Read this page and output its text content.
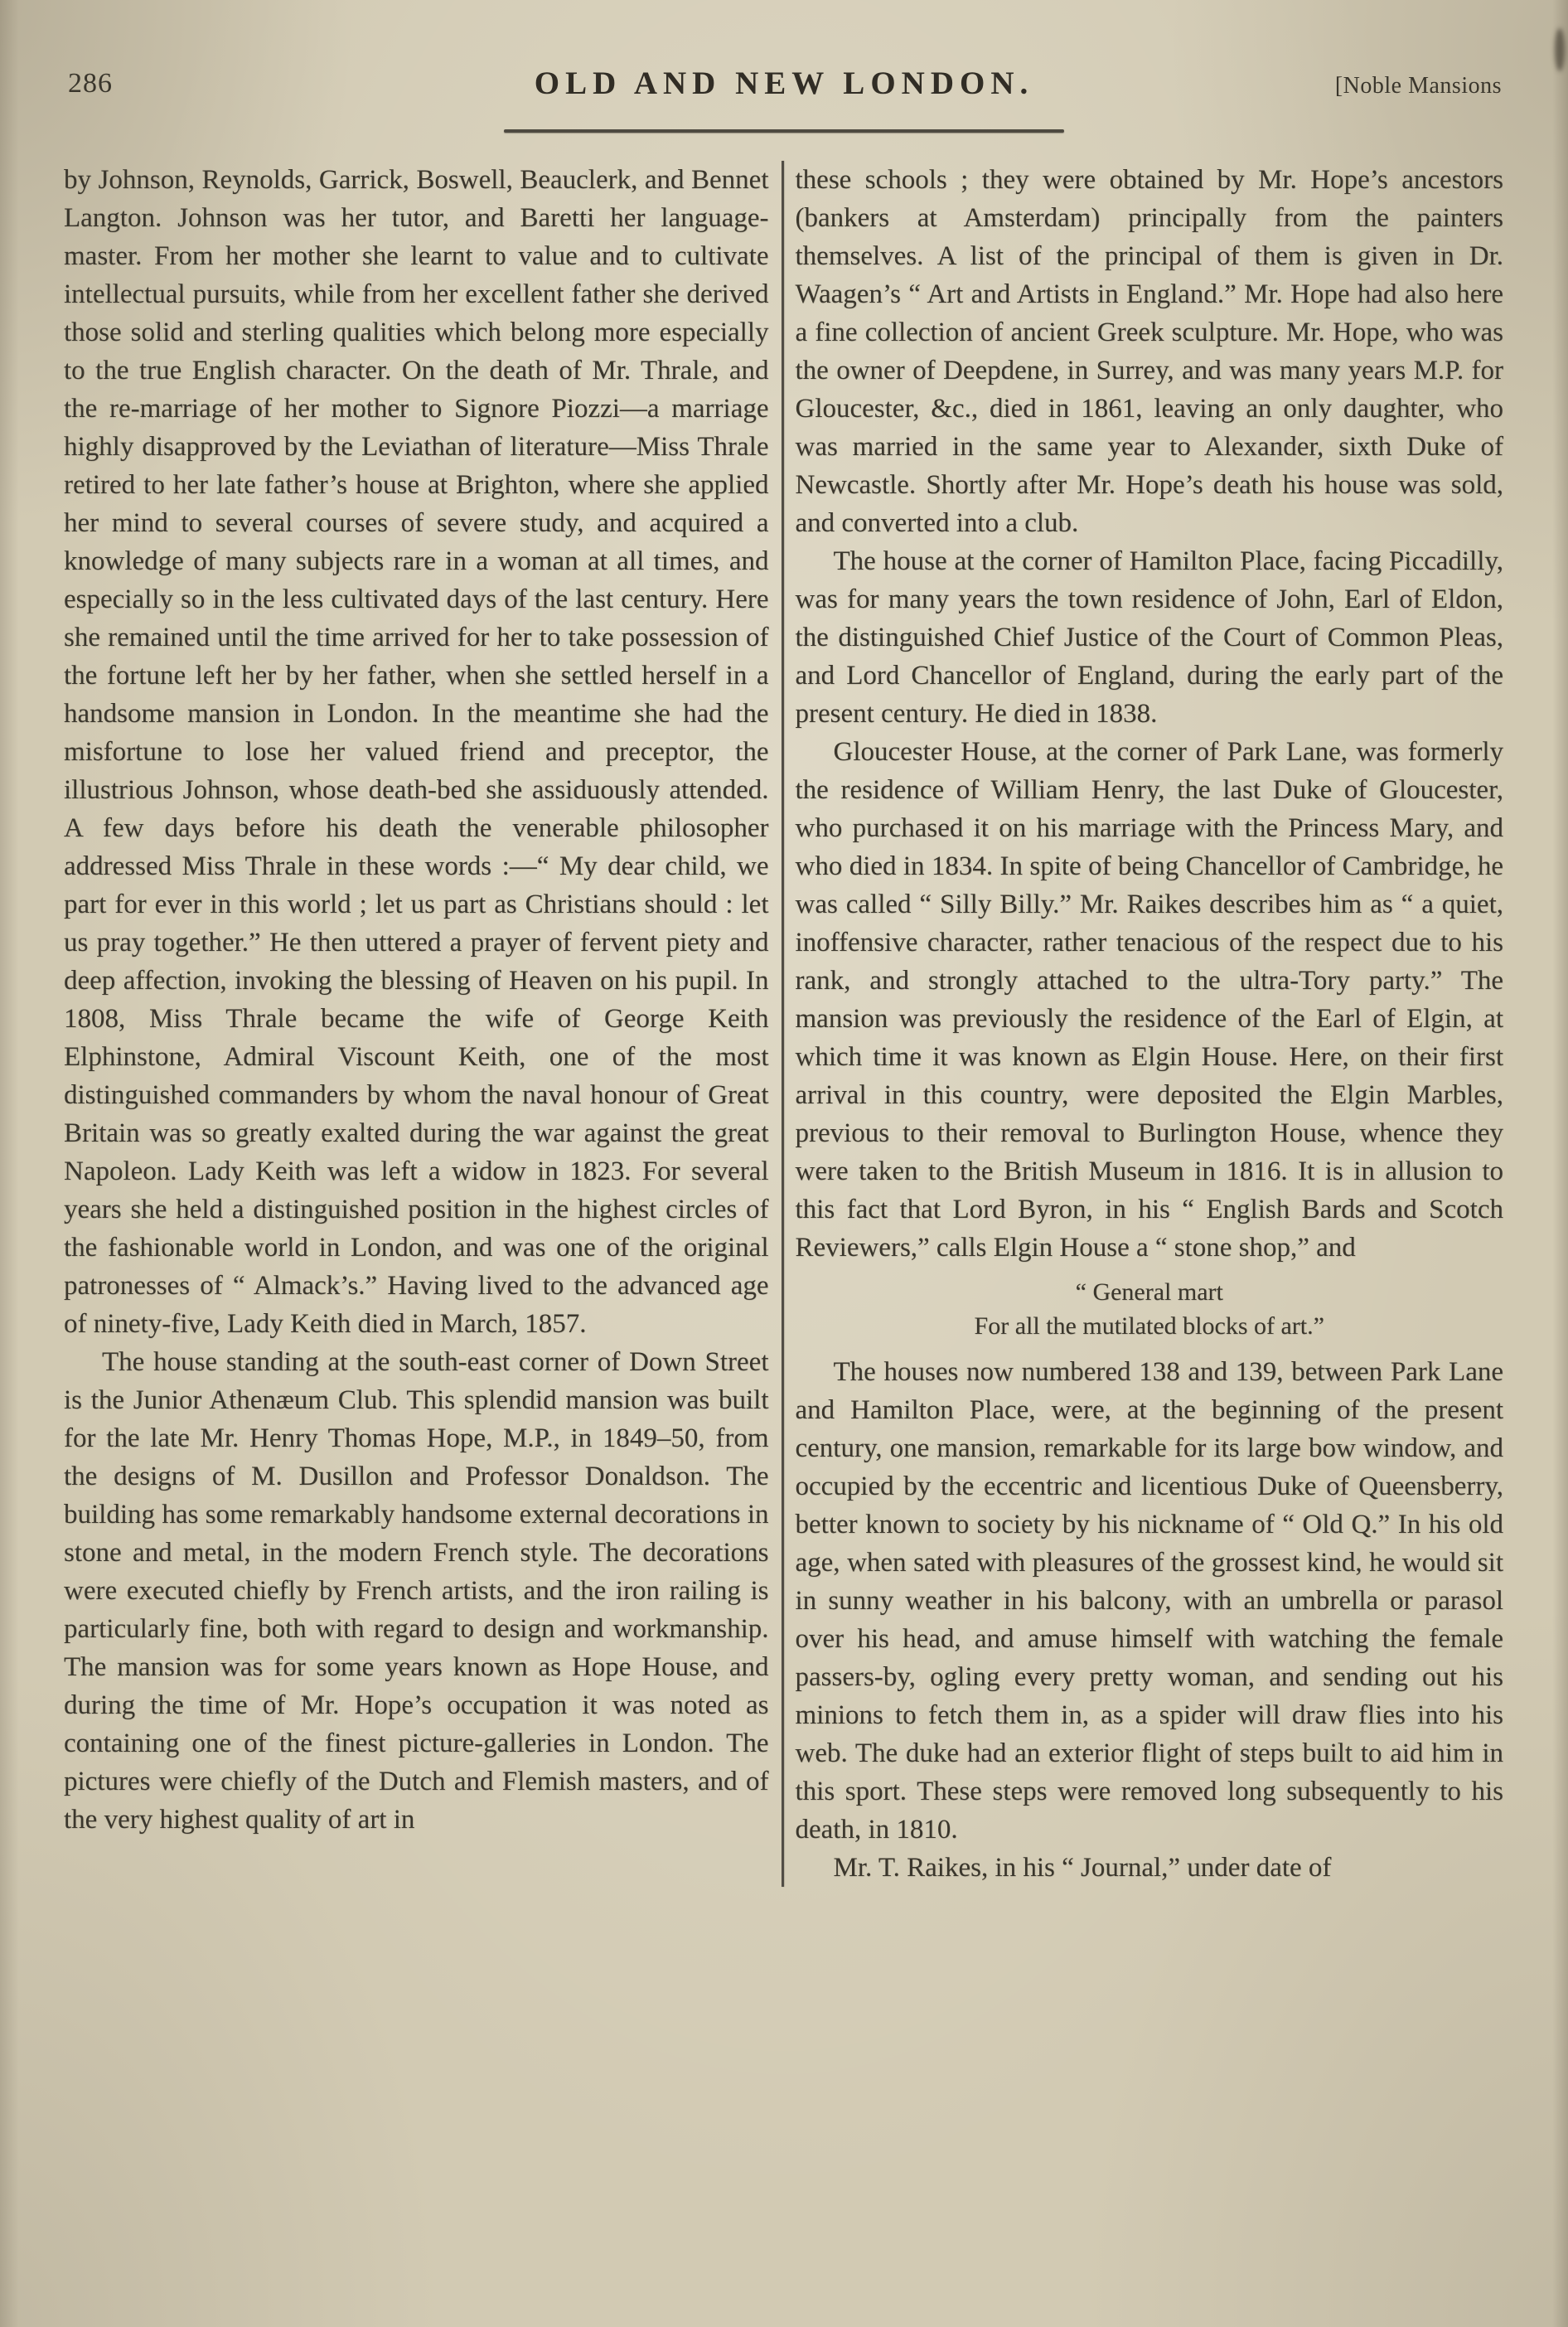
286	OLD AND NEW LONDON.	[Noble Mansions

by Johnson, Reynolds, Garrick, Boswell, Beauclerk, and Bennet Langton. Johnson was her tutor, and Baretti her language-master. From her mother she learnt to value and to cultivate intellectual pursuits, while from her excellent father she derived those solid and sterling qualities which belong more especially to the true English character. On the death of Mr. Thrale, and the re-marriage of her mother to Signore Piozzi—a marriage highly disapproved by the Leviathan of literature—Miss Thrale retired to her late father’s house at Brighton, where she applied her mind to several courses of severe study, and acquired a knowledge of many subjects rare in a woman at all times, and especially so in the less cultivated days of the last century. Here she remained until the time arrived for her to take possession of the fortune left her by her father, when she settled herself in a handsome mansion in London. In the meantime she had the misfortune to lose her valued friend and preceptor, the illustrious Johnson, whose death-bed she assiduously attended. A few days before his death the venerable philosopher addressed Miss Thrale in these words :—“ My dear child, we part for ever in this world ; let us part as Christians should : let us pray together.” He then uttered a prayer of fervent piety and deep affection, invoking the blessing of Heaven on his pupil. In 1808, Miss Thrale became the wife of George Keith Elphinstone, Admiral Viscount Keith, one of the most distinguished commanders by whom the naval honour of Great Britain was so greatly exalted during the war against the great Napoleon. Lady Keith was left a widow in 1823. For several years she held a distinguished position in the highest circles of the fashionable world in London, and was one of the original patronesses of “ Almack’s.” Having lived to the advanced age of ninety-five, Lady Keith died in March, 1857.

The house standing at the south-east corner of Down Street is the Junior Athenæum Club. This splendid mansion was built for the late Mr. Henry Thomas Hope, M.P., in 1849–50, from the designs of M. Dusillon and Professor Donaldson. The building has some remarkably handsome external decorations in stone and metal, in the modern French style. The decorations were executed chiefly by French artists, and the iron railing is particularly fine, both with regard to design and workmanship. The mansion was for some years known as Hope House, and during the time of Mr. Hope’s occupation it was noted as containing one of the finest picture-galleries in London. The pictures were chiefly of the Dutch and Flemish masters, and of the very highest quality of art in

these schools ; they were obtained by Mr. Hope’s ancestors (bankers at Amsterdam) principally from the painters themselves. A list of the principal of them is given in Dr. Waagen’s “ Art and Artists in England.” Mr. Hope had also here a fine collection of ancient Greek sculpture. Mr. Hope, who was the owner of Deepdene, in Surrey, and was many years M.P. for Gloucester, &c., died in 1861, leaving an only daughter, who was married in the same year to Alexander, sixth Duke of Newcastle. Shortly after Mr. Hope’s death his house was sold, and converted into a club.

The house at the corner of Hamilton Place, facing Piccadilly, was for many years the town residence of John, Earl of Eldon, the distinguished Chief Justice of the Court of Common Pleas, and Lord Chancellor of England, during the early part of the present century. He died in 1838.

Gloucester House, at the corner of Park Lane, was formerly the residence of William Henry, the last Duke of Gloucester, who purchased it on his marriage with the Princess Mary, and who died in 1834. In spite of being Chancellor of Cambridge, he was called “ Silly Billy.” Mr. Raikes describes him as “ a quiet, inoffensive character, rather tenacious of the respect due to his rank, and strongly attached to the ultra-Tory party.” The mansion was previously the residence of the Earl of Elgin, at which time it was known as Elgin House. Here, on their first arrival in this country, were deposited the Elgin Marbles, previous to their removal to Burlington House, whence they were taken to the British Museum in 1816. It is in allusion to this fact that Lord Byron, in his “ English Bards and Scotch Reviewers,” calls Elgin House a “ stone shop,” and

“ General mart
For all the mutilated blocks of art.”

The houses now numbered 138 and 139, between Park Lane and Hamilton Place, were, at the beginning of the present century, one mansion, remarkable for its large bow window, and occupied by the eccentric and licentious Duke of Queensberry, better known to society by his nickname of “ Old Q.” In his old age, when sated with pleasures of the grossest kind, he would sit in sunny weather in his balcony, with an umbrella or parasol over his head, and amuse himself with watching the female passers-by, ogling every pretty woman, and sending out his minions to fetch them in, as a spider will draw flies into his web. The duke had an exterior flight of steps built to aid him in this sport. These steps were removed long subsequently to his death, in 1810.

Mr. T. Raikes, in his “ Journal,” under date of
